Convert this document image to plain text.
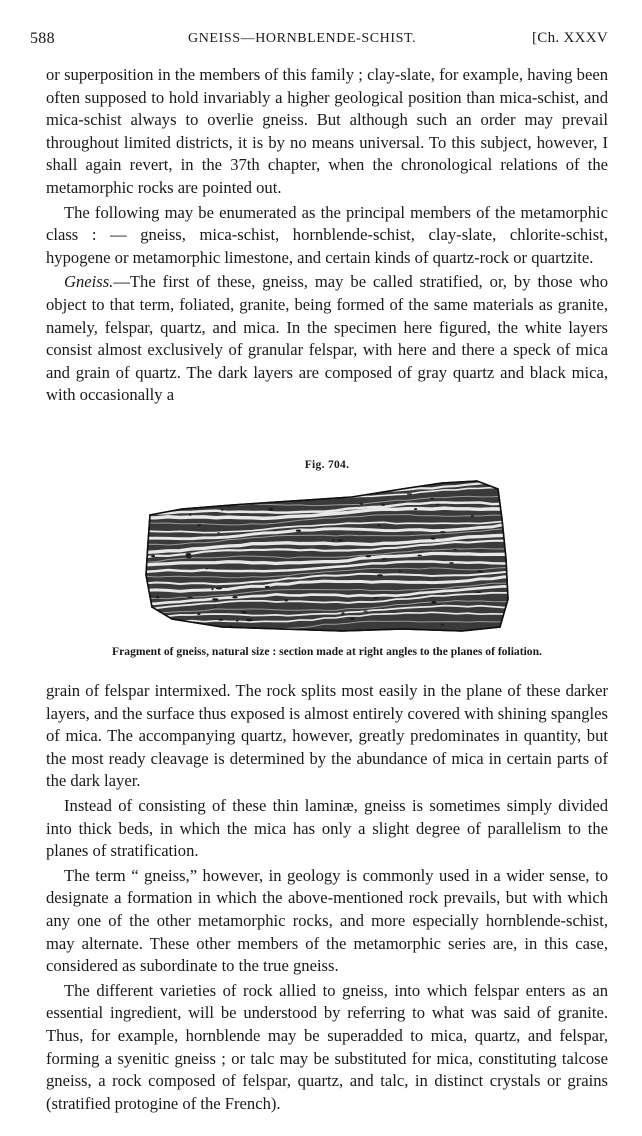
588	GNEISS—HORNBLENDE-SCHIST.	[Ch. XXXV

or superposition in the members of this family ; clay-slate, for example, having been often supposed to hold invariably a higher geological position than mica-schist, and mica-schist always to overlie gneiss. But although such an order may prevail throughout limited districts, it is by no means universal. To this subject, however, I shall again revert, in the 37th chapter, when the chronological relations of the metamorphic rocks are pointed out.

The following may be enumerated as the principal members of the metamorphic class : — gneiss, mica-schist, hornblende-schist, clay-slate, chlorite-schist, hypogene or metamorphic limestone, and certain kinds of quartz-rock or quartzite.

Gneiss.—The first of these, gneiss, may be called stratified, or, by those who object to that term, foliated, granite, being formed of the same materials as granite, namely, felspar, quartz, and mica. In the specimen here figured, the white layers consist almost exclusively of granular felspar, with here and there a speck of mica and grain of quartz. The dark layers are composed of gray quartz and black mica, with occasionally a

Fig. 704.
Fragment of gneiss, natural size : section made at right angles to the planes of foliation.

grain of felspar intermixed. The rock splits most easily in the plane of these darker layers, and the surface thus exposed is almost entirely covered with shining spangles of mica. The accompanying quartz, however, greatly predominates in quantity, but the most ready cleavage is determined by the abundance of mica in certain parts of the dark layer.

Instead of consisting of these thin laminæ, gneiss is sometimes simply divided into thick beds, in which the mica has only a slight degree of parallelism to the planes of stratification.

The term “ gneiss,” however, in geology is commonly used in a wider sense, to designate a formation in which the above-mentioned rock prevails, but with which any one of the other metamorphic rocks, and more especially hornblende-schist, may alternate. These other members of the metamorphic series are, in this case, considered as subordinate to the true gneiss.

The different varieties of rock allied to gneiss, into which felspar enters as an essential ingredient, will be understood by referring to what was said of granite. Thus, for example, hornblende may be superadded to mica, quartz, and felspar, forming a syenitic gneiss ; or talc may be substituted for mica, constituting talcose gneiss, a rock composed of felspar, quartz, and talc, in distinct crystals or grains (stratified protogine of the French).
